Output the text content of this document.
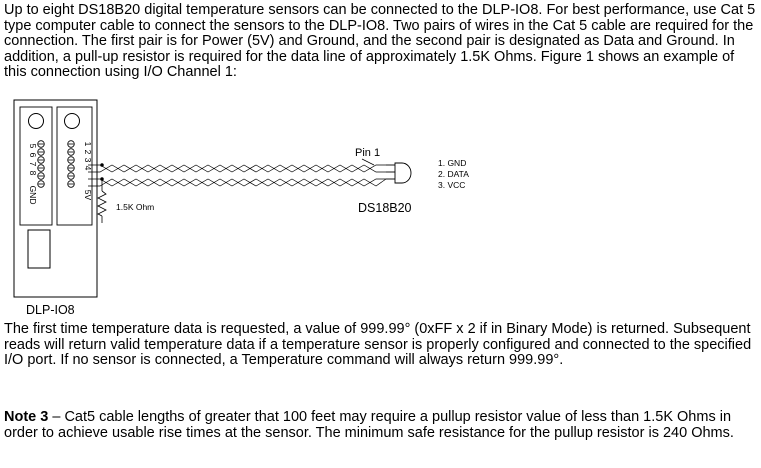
Up to eight DS18B20 digital temperature sensors can be connected to the DLP-IO8. For best performance, use Cat 5 type computer cable to connect the sensors to the DLP-IO8. Two pairs of wires in the Cat 5 cable are required for the connection. The first pair is for Power (5V) and Ground, and the second pair is designated as Data and Ground. In addition, a pull-up resistor is required for the data line of approximately 1.5K Ohms. Figure 1 shows an example of this connection using I/O Channel 1:

5
6
7
8
GND
1
2
3
4
5V
1.5K Ohm
Pin 1
DS18B20
1. GND
2. DATA
3. VCC
DLP-IO8

The first time temperature data is requested, a value of 999.99° (0xFF x 2 if in Binary Mode) is returned. Subsequent reads will return valid temperature data if a temperature sensor is properly configured and connected to the specified I/O port. If no sensor is connected, a Temperature command will always return 999.99°.

Note 3 – Cat5 cable lengths of greater that 100 feet may require a pullup resistor value of less than 1.5K Ohms in order to achieve usable rise times at the sensor. The minimum safe resistance for the pullup resistor is 240 Ohms.
